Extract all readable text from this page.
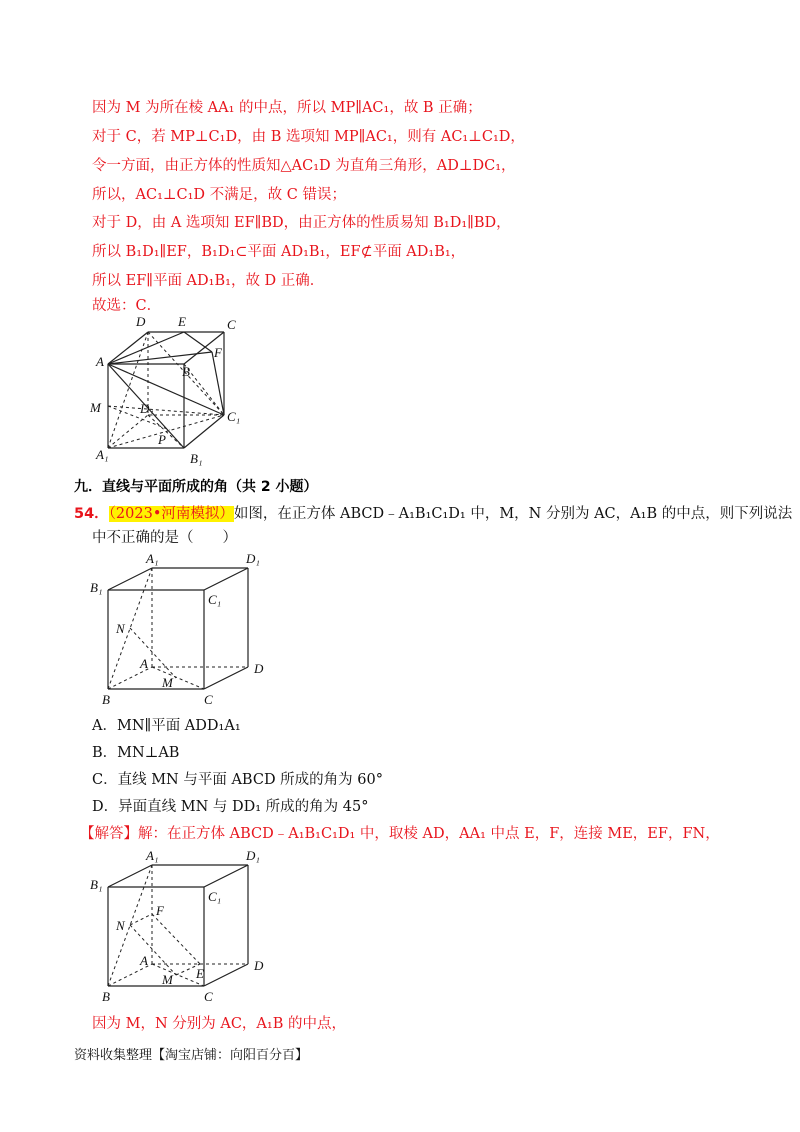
因为 M 为所在棱 AA₁ 的中点，所以 MP∥AC₁，故 B 正确；
对于 C，若 MP⊥C₁D，由 B 选项知 MP∥AC₁，则有 AC₁⊥C₁D，
令一方面，由正方体的性质知△AC₁D 为直角三角形，AD⊥DC₁，
所以，AC₁⊥C₁D 不满足，故 C 错误；
对于 D，由 A 选项知 EF∥BD，由正方体的性质易知 B₁D₁∥BD，
所以 B₁D₁∥EF，B₁D₁⊂平面 AD₁B₁，EF⊄平面 AD₁B₁，
所以 EF∥平面 AD₁B₁，故 D 正确．
故选：C．
D	E	C
A
F
B
M	D₁
C₁
P
A₁	B₁
九．直线与平面所成的角（共 2 小题）
54．（2023•河南模拟）如图，在正方体 ABCD﹣A₁B₁C₁D₁ 中，M，N 分别为 AC，A₁B 的中点，则下列说法
中不正确的是（　　）
A₁	D₁
B₁
C₁
N
A	D
M
B	C
A．MN∥平面 ADD₁A₁
B．MN⊥AB
C．直线 MN 与平面 ABCD 所成的角为 60°
D．异面直线 MN 与 DD₁ 所成的角为 45°
【解答】解：在正方体 ABCD﹣A₁B₁C₁D₁ 中，取棱 AD，AA₁ 中点 E，F，连接 ME，EF，FN，
A₁	D₁
B₁
C₁
N
F
A	D
M E
B	C
因为 M，N 分别为 AC，A₁B 的中点，
资料收集整理【淘宝店铺：向阳百分百】
